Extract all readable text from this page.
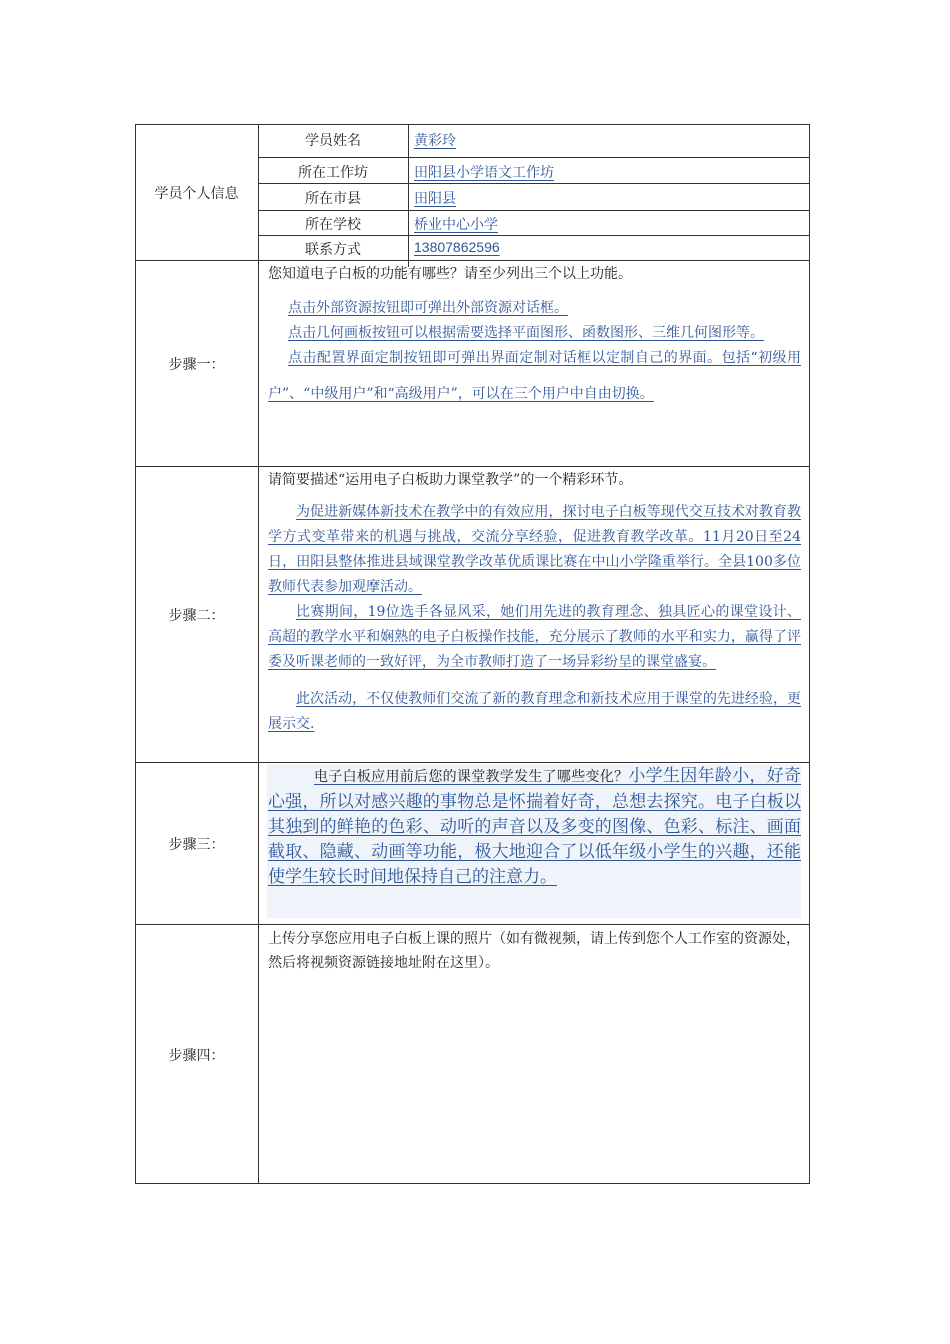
学员个人信息
学员姓名	黄彩玲
所在工作坊	田阳县小学语文工作坊
所在市县	田阳县
所在学校	桥业中心小学
联系方式	13807862596
步骤一：
您知道电子白板的功能有哪些？请至少列出三个以上功能。

点击外部资源按钮即可弹出外部资源对话框。

点击几何画板按钮可以根据需要选择平面图形、函数图形、三维几何图形等。

点击配置界面定制按钮即可弹出界面定制对话框以定制自己的界面。包括“初级用户”、“中级用户”和“高级用户”，可以在三个用户中自由切换。

步骤二：
请简要描述“运用电子白板助力课堂教学”的一个精彩环节。

为促进新媒体新技术在教学中的有效应用，探讨电子白板等现代交互技术对教育教学方式变革带来的机遇与挑战，交流分享经验，促进教育教学改革。11月20日至24日，田阳县整体推进县域课堂教学改革优质课比赛在中山小学隆重举行。全县100多位教师代表参加观摩活动。

比赛期间，19位选手各显风采，她们用先进的教育理念、独具匠心的课堂设计、高超的教学水平和娴熟的电子白板操作技能，充分展示了教师的水平和实力，赢得了评委及听课老师的一致好评，为全市教师打造了一场异彩纷呈的课堂盛宴。

此次活动，不仅使教师们交流了新的教育理念和新技术应用于课堂的先进经验，更展示交.

步骤三：
电子白板应用前后您的课堂教学发生了哪些变化？小学生因年龄小，好奇心强，所以对感兴趣的事物总是怀揣着好奇，总想去探究。电子白板以其独到的鲜艳的色彩、动听的声音以及多变的图像、色彩、标注、画面截取、隐藏、动画等功能，极大地迎合了以低年级小学生的兴趣，还能使学生较长时间地保持自己的注意力。
步骤四：
上传分享您应用电子白板上课的照片（如有微视频，请上传到您个人工作室的资源处，然后将视频资源链接地址附在这里）。
